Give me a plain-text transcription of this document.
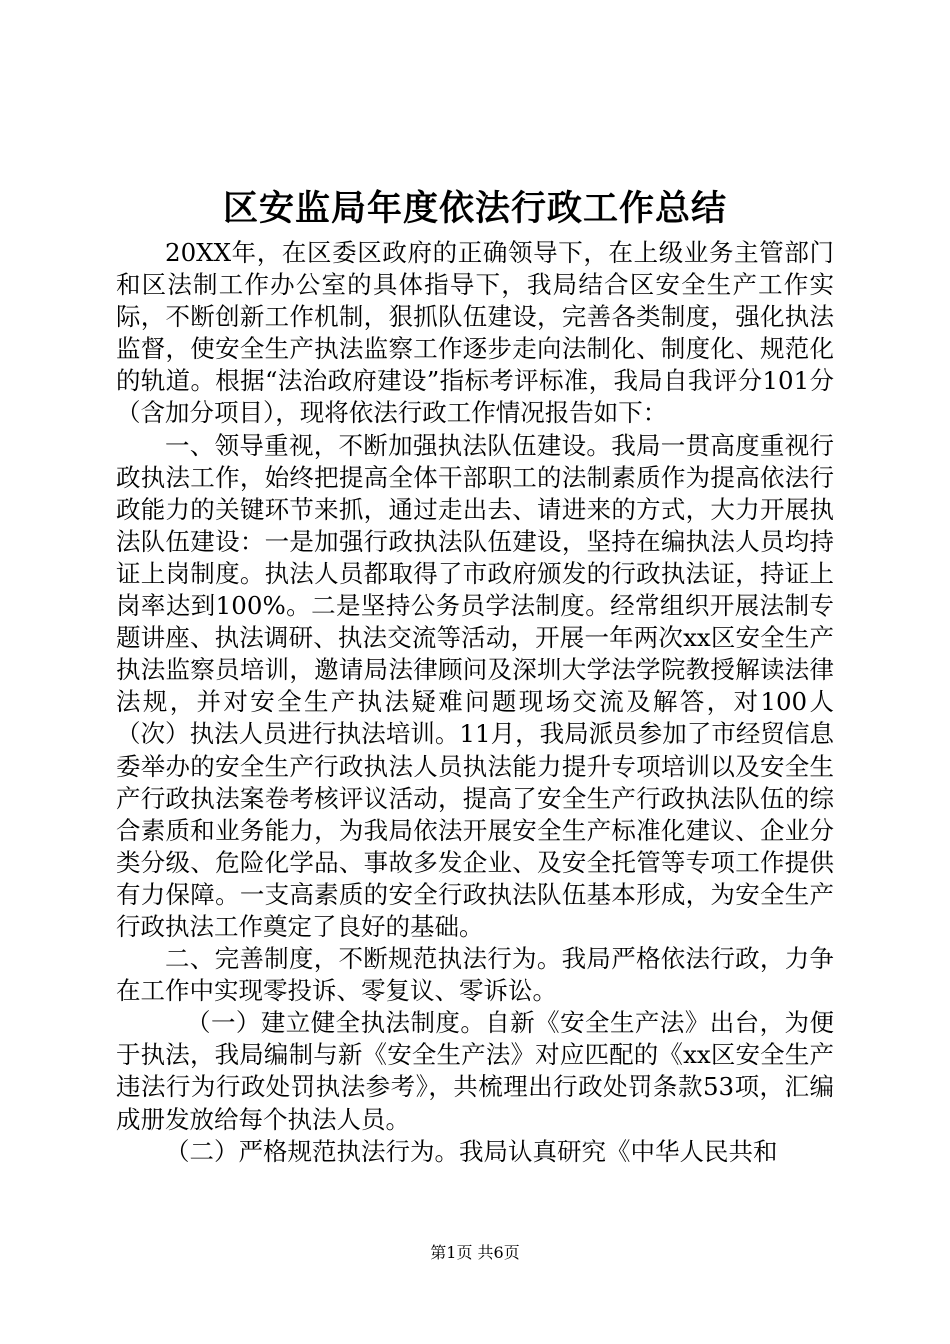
区安监局年度依法行政工作总结

20XX年，在区委区政府的正确领导下，在上级业务主管部门和区法制工作办公室的具体指导下，我局结合区安全生产工作实际，不断创新工作机制，狠抓队伍建设，完善各类制度，强化执法监督，使安全生产执法监察工作逐步走向法制化、制度化、规范化的轨道。根据“法治政府建设”指标考评标准，我局自我评分101分（含加分项目），现将依法行政工作情况报告如下：

一、领导重视，不断加强执法队伍建设。我局一贯高度重视行政执法工作，始终把提高全体干部职工的法制素质作为提高依法行政能力的关键环节来抓，通过走出去、请进来的方式，大力开展执法队伍建设：一是加强行政执法队伍建设，坚持在编执法人员均持证上岗制度。执法人员都取得了市政府颁发的行政执法证，持证上岗率达到100%。二是坚持公务员学法制度。经常组织开展法制专题讲座、执法调研、执法交流等活动，开展一年两次xx区安全生产执法监察员培训，邀请局法律顾问及深圳大学法学院教授解读法律法规，并对安全生产执法疑难问题现场交流及解答，对100人（次）执法人员进行执法培训。11月，我局派员参加了市经贸信息委举办的安全生产行政执法人员执法能力提升专项培训以及安全生产行政执法案卷考核评议活动，提高了安全生产行政执法队伍的综合素质和业务能力，为我局依法开展安全生产标准化建议、企业分类分级、危险化学品、事故多发企业、及安全托管等专项工作提供有力保障。一支高素质的安全行政执法队伍基本形成，为安全生产行政执法工作奠定了良好的基础。

二、完善制度，不断规范执法行为。我局严格依法行政，力争在工作中实现零投诉、零复议、零诉讼。

（一）建立健全执法制度。自新《安全生产法》出台，为便于执法，我局编制与新《安全生产法》对应匹配的《xx区安全生产违法行为行政处罚执法参考》，共梳理出行政处罚条款53项，汇编成册发放给每个执法人员。

（二）严格规范执法行为。我局认真研究《中华人民共和

第1页 共6页
